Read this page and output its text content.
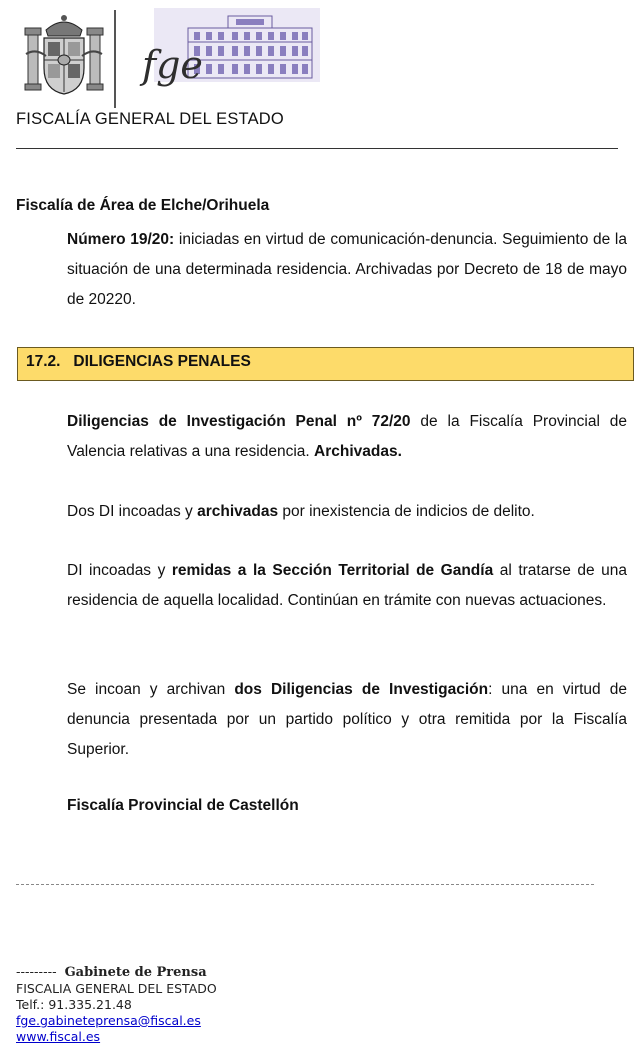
fge
FISCALÍA GENERAL DEL ESTADO
Fiscalía de Área de Elche/Orihuela
Número 19/20: iniciadas en virtud de comunicación-denuncia. Seguimiento de la situación de una determinada residencia. Archivadas por Decreto de 18 de mayo de 20220.
17.2. DILIGENCIAS PENALES
Diligencias de Investigación Penal nº 72/20 de la Fiscalía Provincial de Valencia relativas a una residencia. Archivadas.
Dos DI incoadas y archivadas por inexistencia de indicios de delito.
DI incoadas y remidas a la Sección Territorial de Gandía al tratarse de una residencia de aquella localidad. Continúan en trámite con nuevas actuaciones.
Se incoan y archivan dos Diligencias de Investigación: una en virtud de denuncia presentada por un partido político y otra remitida por la Fiscalía Superior.
Fiscalía Provincial de Castellón
--------- Gabinete de Prensa
FISCALIA GENERAL DEL ESTADO
Telf.: 91.335.21.48
fge.gabineteprensa@fiscal.es
www.fiscal.es
